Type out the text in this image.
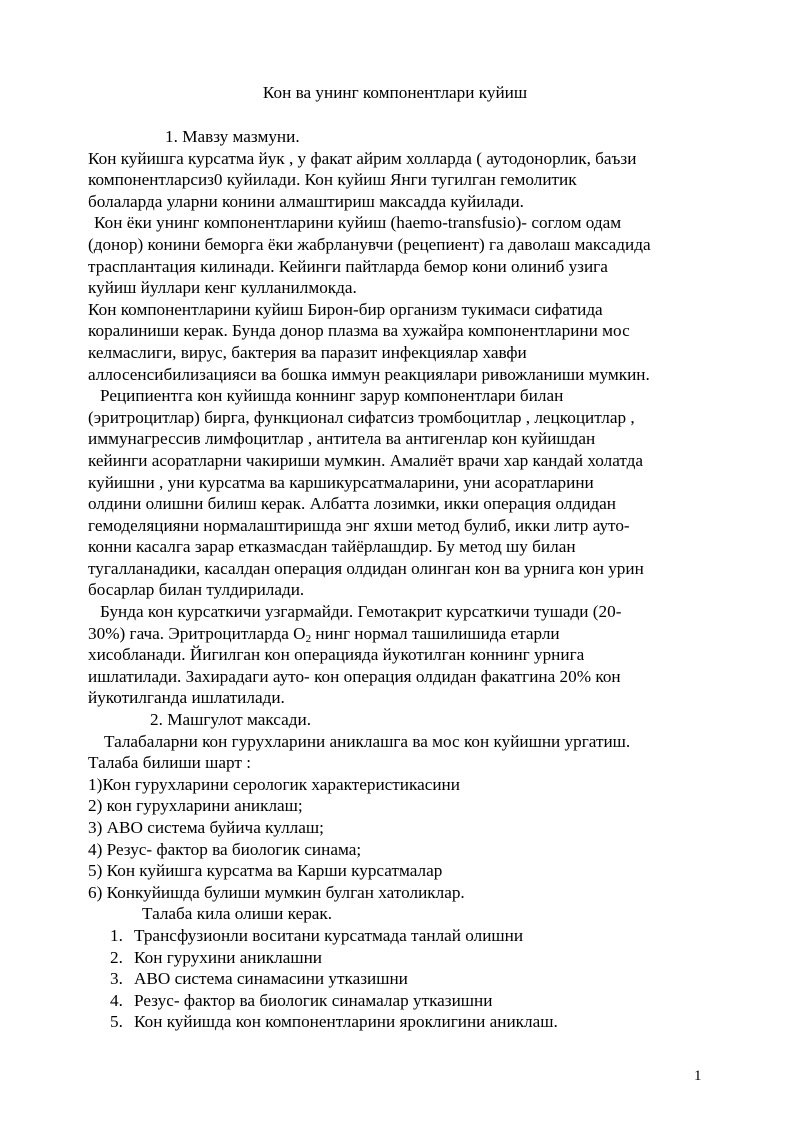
Кон ва унинг компонентлари куйиш
1. Мавзу мазмуни.
Кон куйишга курсатма йук , у факат айрим холларда ( аутодонорлик, баъзи
компонентларсиз0 куйилади. Кон куйиш Янги тугилган гемолитик
болаларда уларни конини алмаштириш максадда куйилади.
Кон ёки унинг компонентларини куйиш (haemo-transfusio)- соглом одам
(донор) конини беморга ёки жабрланувчи (рецепиент) га даволаш максадида
трасплантация килинади. Кейинги пайтларда бемор кони олиниб узига
куйиш йуллари кенг кулланилмокда.
Кон компонентларини куйиш Бирон-бир организм тукимаси сифатида
коралиниши керак. Бунда донор плазма ва хужайра компонентларини мос
келмаслиги, вирус, бактерия ва паразит инфекциялар хавфи
аллосенсибилизацияси ва бошка иммун реакциялари ривожланиши мумкин.
Реципиентга кон куйишда коннинг зарур компонентлари билан
(эритроцитлар) бирга, функционал сифатсиз тромбоцитлар , лецкоцитлар ,
иммунагрессив лимфоцитлар , антитела ва антигенлар кон куйишдан
кейинги асоратларни чакириши мумкин. Амалиёт врачи хар кандай холатда
куйишни , уни курсатма ва каршикурсатмаларини, уни асоратларини
олдини олишни билиш керак. Албатта лозимки, икки операция олдидан
гемоделяцияни нормалаштиришда энг яхши метод булиб, икки литр ауто-
конни касалга зарар етказмасдан тайёрлашдир. Бу метод шу билан
тугалланадики, касалдан операция олдидан олинган кон ва урнига кон урин
босарлар билан тулдирилади.
Бунда кон курсаткичи узгармайди. Гемотакрит курсаткичи тушади (20-
30%) гача. Эритроцитларда $О_2$ нинг нормал ташилишида етарли
хисобланади. Йигилган кон операцияда йукотилган коннинг урнига
ишлатилади. Захирадаги ауто- кон операция олдидан факатгина 20% кон
йукотилганда ишлатилади.
2. Машгулот максади.
Талабаларни кон гурухларини аниклашга ва мос кон куйишни ургатиш.
Талаба билиши шарт :
1)Кон гурухларини серологик характеристикасини
2) кон гурухларини аниклаш;
3) АВО система буйича куллаш;
4) Резус- фактор ва биологик синама;
5) Кон куйишга курсатма ва Карши курсатмалар
6) Конкуйишда булиши мумкин булган хатоликлар.
Талаба кила олиши керак.
1. Трансфузионли воситани курсатмада танлай олишни
2. Кон гурухини аниклашни
3. АВО система синамасини утказишни
4. Резус- фактор ва биологик синамалар утказишни
5. Кон куйишда кон компонентларини яроклигини аниклаш.
1
